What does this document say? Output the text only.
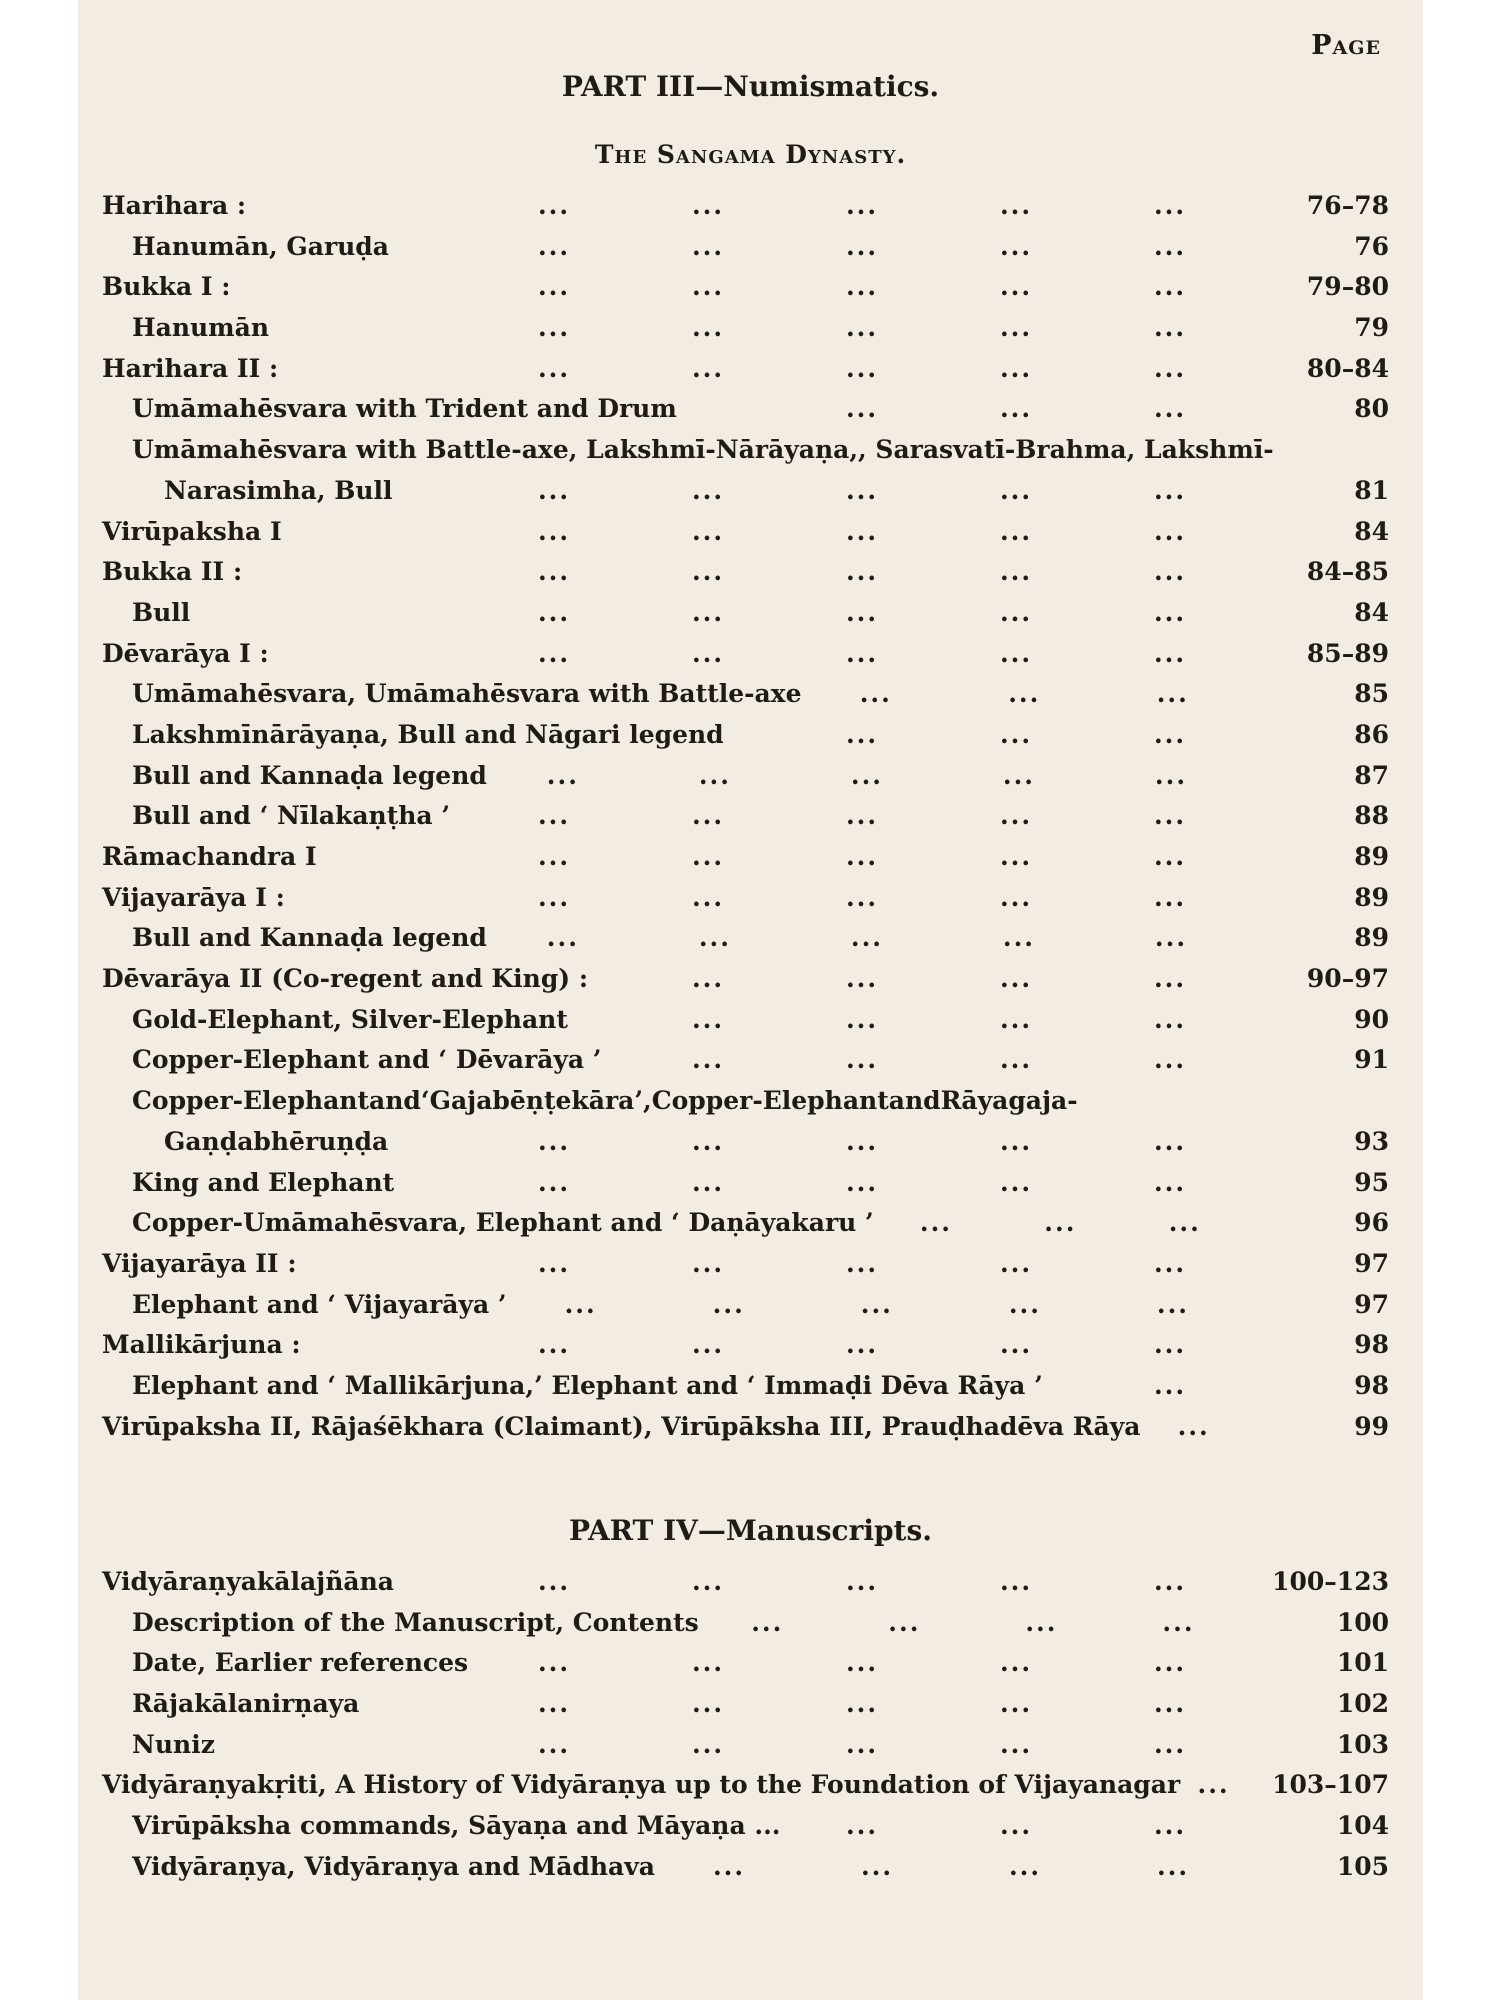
Page
PART III—Numismatics.
The Sangama Dynasty.
Harihara :	...	...	...	...	...	76–78
Hanumān, Garuḍa	...	...	...	...	...	76
Bukka I :	...	...	...	...	...	79–80
Hanumān	...	...	...	...	...	79
Harihara II :	...	...	...	...	...	80–84
Umāmahēsvara with Trident and Drum	...	...	...	80
Umāmahēsvara with Battle-axe, Lakshmī-Nārāyaṇa,, Sarasvatī-Brahma, Lakshmī-
Narasimha, Bull	...	...	...	...	...	81
Virūpaksha I	...	...	...	...	...	84
Bukka II :	...	...	...	...	...	84–85
Bull	...	...	...	...	...	84
Dēvarāya I :	...	...	...	...	...	85–89
Umāmahēsvara, Umāmahēsvara with Battle-axe	...	...	...	85
Lakshmīnārāyaṇa, Bull and Nāgari legend	...	...	...	86
Bull and Kannaḍa legend	...	...	...	...	...	87
Bull and ‘ Nīlakaṇṭha ’	...	...	...	...	...	88
Rāmachandra I	...	...	...	...	...	89
Vijayarāya I :	...	...	...	...	...	89
Bull and Kannaḍa legend	...	...	...	...	...	89
Dēvarāya II (Co-regent and King) :	...	...	...	...	90–97
Gold-Elephant, Silver-Elephant	...	...	...	...	90
Copper-Elephant and ‘ Dēvarāya ’	...	...	...	...	91
Copper-Elephant and ‘ Gajabēṇṭekāra ’, Copper-Elephant and Rāyagaja-
Gaṇḍabhēruṇḍa	...	...	...	...	...	93
King and Elephant	...	...	...	...	...	95
Copper-Umāmahēsvara, Elephant and ‘ Daṇāyakaru ’	...	...	...	96
Vijayarāya II :	...	...	...	...	...	97
Elephant and ‘ Vijayarāya ’	...	...	...	...	...	97
Mallikārjuna :	...	...	...	...	...	98
Elephant and ‘ Mallikārjuna,’ Elephant and ‘ Immaḍi Dēva Rāya ’	...	98
Virūpaksha II, Rājaśēkhara (Claimant), Virūpāksha III, Prauḍhadēva Rāya	...	99
PART IV—Manuscripts.
Vidyāraṇyakālajñāna	...	...	...	...	...	100–123
Description of the Manuscript, Contents	...	...	...	...	100
Date, Earlier references	...	...	...	...	...	101
Rājakālanirṇaya	...	...	...	...	...	102
Nuniz	...	...	...	...	...	103
Vidyāraṇyakṛiti, A History of Vidyāraṇya up to the Foundation of Vijayanagar ...	103–107
Virūpāksha commands, Sāyaṇa and Māyaṇa ...	...	...	...	104
Vidyāraṇya, Vidyāraṇya and Mādhava	...	...	...	...	105
